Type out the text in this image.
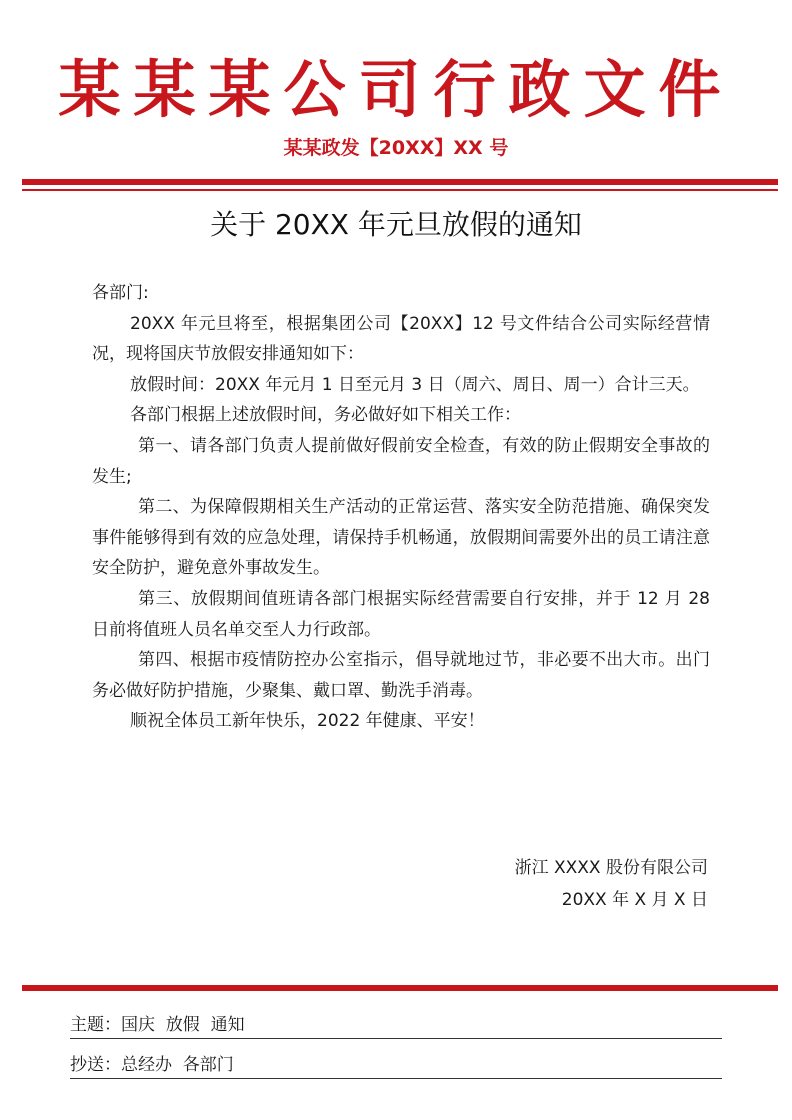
某某某公司行政文件
某某政发【20XX】XX 号
关于 20XX 年元旦放假的通知

各部门:

20XX 年元旦将至，根据集团公司【20XX】12 号文件结合公司实际经营情况，现将国庆节放假安排通知如下：

放假时间：20XX 年元月 1 日至元月 3 日（周六、周日、周一）合计三天。

各部门根据上述放假时间，务必做好如下相关工作：

第一、请各部门负责人提前做好假前安全检查，有效的防止假期安全事故的发生;

第二、为保障假期相关生产活动的正常运营、落实安全防范措施、确保突发事件能够得到有效的应急处理，请保持手机畅通，放假期间需要外出的员工请注意安全防护，避免意外事故发生。

第三、放假期间值班请各部门根据实际经营需要自行安排，并于 12 月 28 日前将值班人员名单交至人力行政部。

第四、根据市疫情防控办公室指示，倡导就地过节，非必要不出大市。出门务必做好防护措施，少聚集、戴口罩、勤洗手消毒。

顺祝全体员工新年快乐，2022 年健康、平安！

浙江 XXXX 股份有限公司
20XX 年 X 月 X 日
主题：国庆  放假  通知
抄送：总经办  各部门
